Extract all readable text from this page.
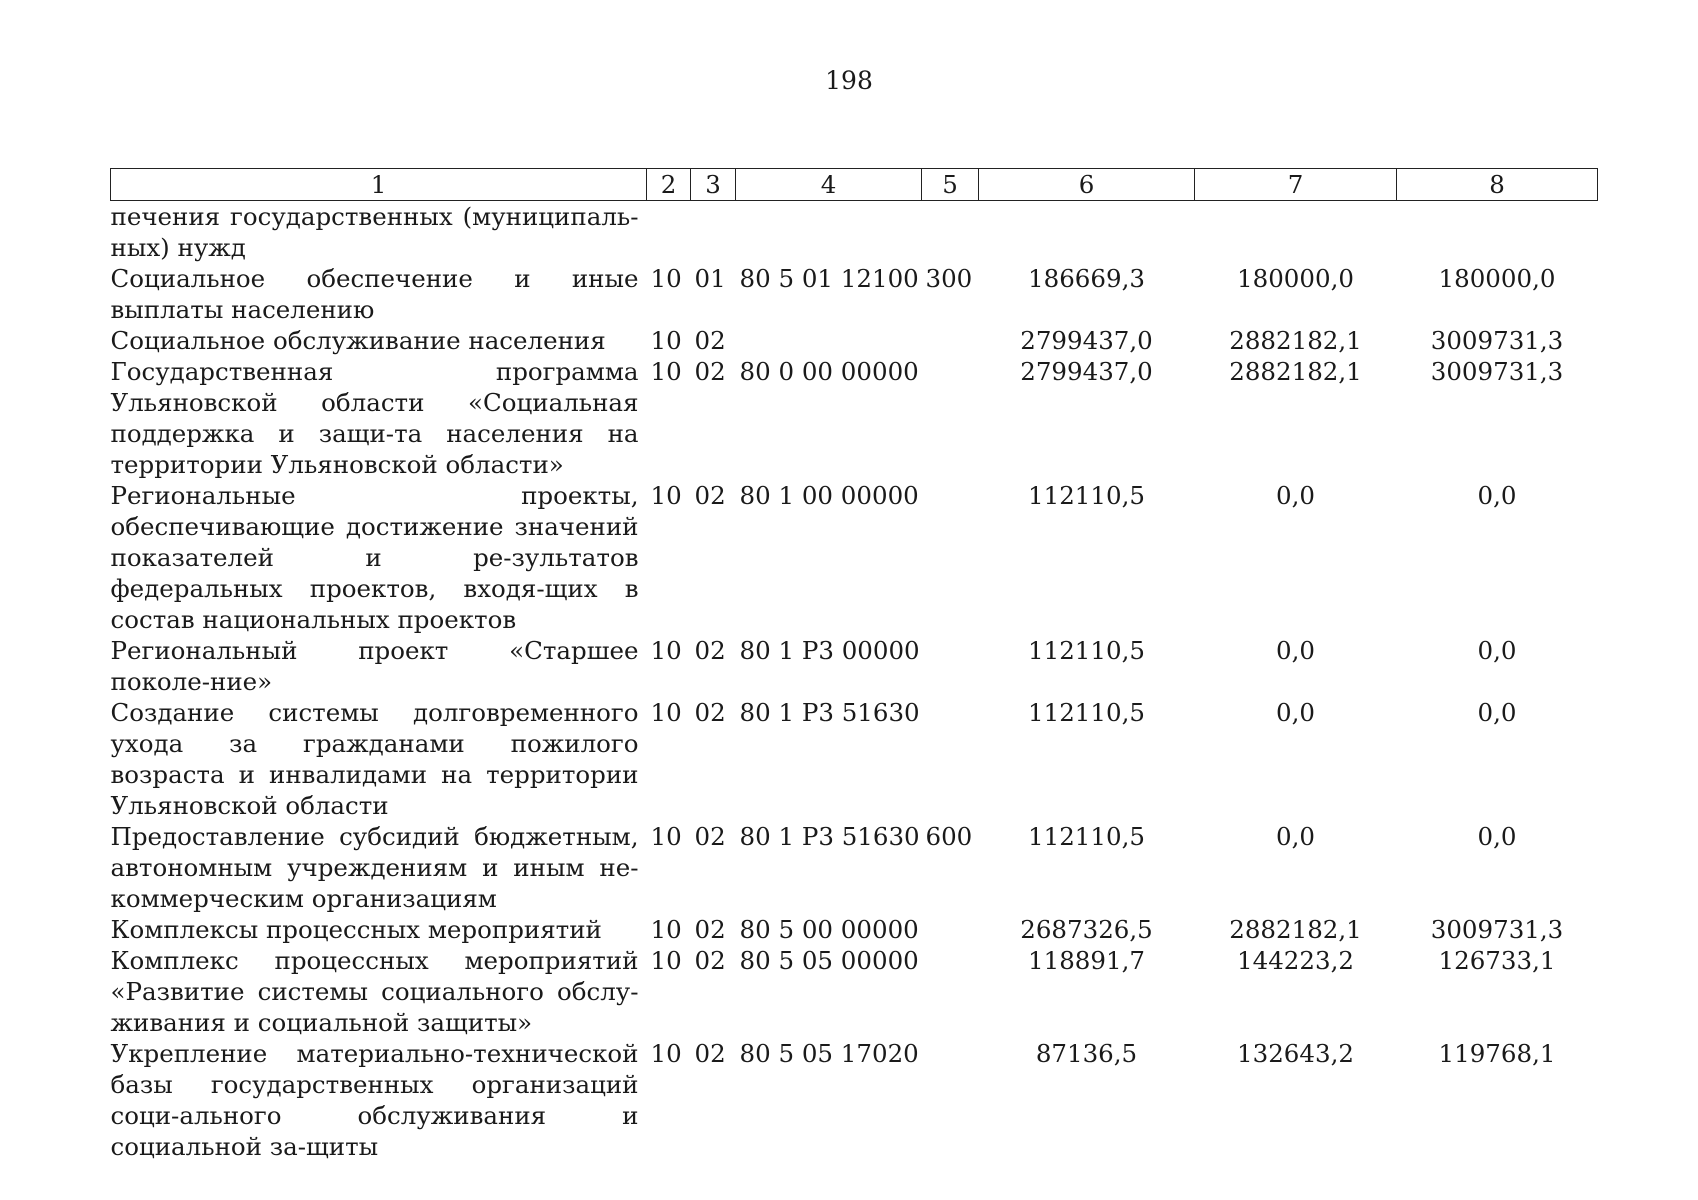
198
1	2	3	4	5	6	7	8
печения государственных (муниципаль-ных) нужд							
Социальное обеспечение и иные выплаты населению	10	01	80 5 01 12100	300	186669,3	180000,0	180000,0
Социальное обслуживание населения	10	02			2799437,0	2882182,1	3009731,3
Государственная программа Ульяновской области «Социальная поддержка и защи-та населения на территории Ульяновской области»	10	02	80 0 00 00000		2799437,0	2882182,1	3009731,3
Региональные проекты, обеспечивающие достижение значений показателей и ре-зультатов федеральных проектов, входя-щих в состав национальных проектов	10	02	80 1 00 00000		112110,5	0,0	0,0
Региональный проект «Старшее поколе-ние»	10	02	80 1 Р3 00000		112110,5	0,0	0,0
Создание системы долговременного ухода за гражданами пожилого возраста и инвалидами на территории Ульяновской области	10	02	80 1 Р3 51630		112110,5	0,0	0,0
Предоставление субсидий бюджетным, автономным учреждениям и иным не-коммерческим организациям	10	02	80 1 Р3 51630	600	112110,5	0,0	0,0
Комплексы процессных мероприятий	10	02	80 5 00 00000		2687326,5	2882182,1	3009731,3
Комплекс процессных мероприятий «Развитие системы социального обслу-живания и социальной защиты»	10	02	80 5 05 00000		118891,7	144223,2	126733,1
Укрепление материально-технической базы государственных организаций соци-ального обслуживания и социальной за-щиты	10	02	80 5 05 17020		87136,5	132643,2	119768,1
